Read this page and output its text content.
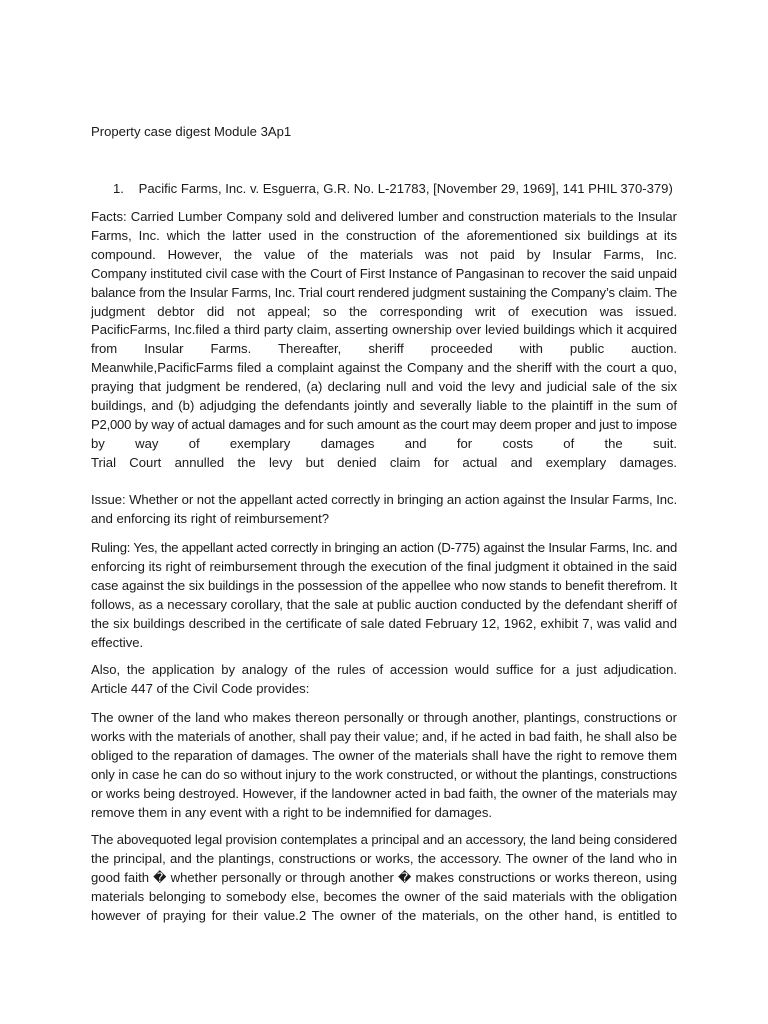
Property case digest Module 3Ap1
1. Pacific Farms, Inc. v. Esguerra, G.R. No. L-21783, [November 29, 1969], 141 PHIL 370-379)
Facts: Carried Lumber Company sold and delivered lumber and construction materials to the Insular
Farms, Inc. which the latter used in the construction of the aforementioned six buildings at its
compound. However, the value of the materials was not paid by Insular Farms, Inc.
Company instituted civil case with the Court of First Instance of Pangasinan to recover the said unpaid
balance from the Insular Farms, Inc. Trial court rendered judgment sustaining the Company’s claim. The
judgment debtor did not appeal; so the corresponding writ of execution was issued.
PacificFarms, Inc.filed a third party claim, asserting ownership over levied buildings which it acquired
from Insular Farms. Thereafter, sheriff proceeded with public auction.
Meanwhile,PacificFarms filed a complaint against the Company and the sheriff with the court a quo,
praying that judgment be rendered, (a) declaring null and void the levy and judicial sale of the six
buildings, and (b) adjudging the defendants jointly and severally liable to the plaintiff in the sum of
P2,000 by way of actual damages and for such amount as the court may deem proper and just to impose
by way of exemplary damages and for costs of the suit.
Trial Court annulled the levy but denied claim for actual and exemplary damages.
Issue: Whether or not the appellant acted correctly in bringing an action against the Insular Farms, Inc.
and enforcing its right of reimbursement?
Ruling: Yes, the appellant acted correctly in bringing an action (D-775) against the Insular Farms, Inc. and
enforcing its right of reimbursement through the execution of the final judgment it obtained in the said
case against the six buildings in the possession of the appellee who now stands to benefit therefrom. It
follows, as a necessary corollary, that the sale at public auction conducted by the defendant sheriff of
the six buildings described in the certificate of sale dated February 12, 1962, exhibit 7, was valid and
effective.
Also, the application by analogy of the rules of accession would suffice for a just adjudication.
Article 447 of the Civil Code provides:
The owner of the land who makes thereon personally or through another, plantings, constructions or
works with the materials of another, shall pay their value; and, if he acted in bad faith, he shall also be
obliged to the reparation of damages. The owner of the materials shall have the right to remove them
only in case he can do so without injury to the work constructed, or without the plantings, constructions
or works being destroyed. However, if the landowner acted in bad faith, the owner of the materials may
remove them in any event with a right to be indemnified for damages.
The abovequoted legal provision contemplates a principal and an accessory, the land being considered
the principal, and the plantings, constructions or works, the accessory. The owner of the land who in
good faith � whether personally or through another � makes constructions or works thereon, using
materials belonging to somebody else, becomes the owner of the said materials with the obligation
however of praying for their value.2 The owner of the materials, on the other hand, is entitled to
